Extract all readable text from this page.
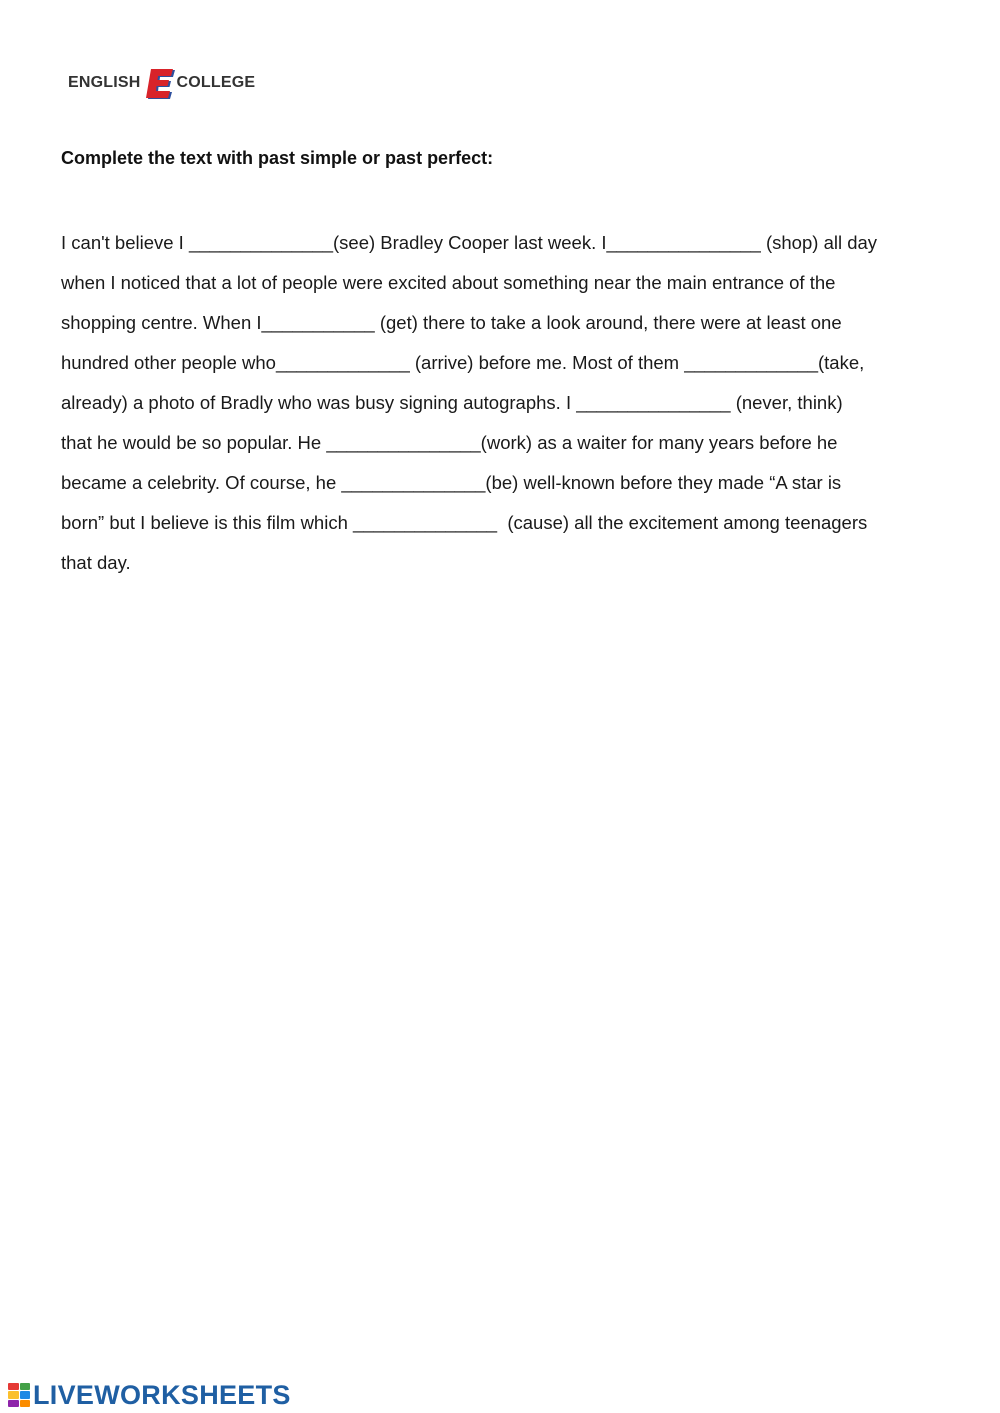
ENGLISH COLLEGE
Complete the text with past simple or past perfect:
I can't believe I ______________(see) Bradley Cooper last week. I_______________ (shop) all day
when I noticed that a lot of people were excited about something near the main entrance of the
shopping centre. When I___________ (get) there to take a look around, there were at least one
hundred other people who_____________ (arrive) before me. Most of them _____________(take,
already) a photo of Bradly who was busy signing autographs. I _______________ (never, think)
that he would be so popular. He _______________(work) as a waiter for many years before he
became a celebrity. Of course, he ______________(be) well-known before they made “A star is
born” but I believe is this film which ______________  (cause) all the excitement among teenagers
that day.
LIVEWORKSHEETS
